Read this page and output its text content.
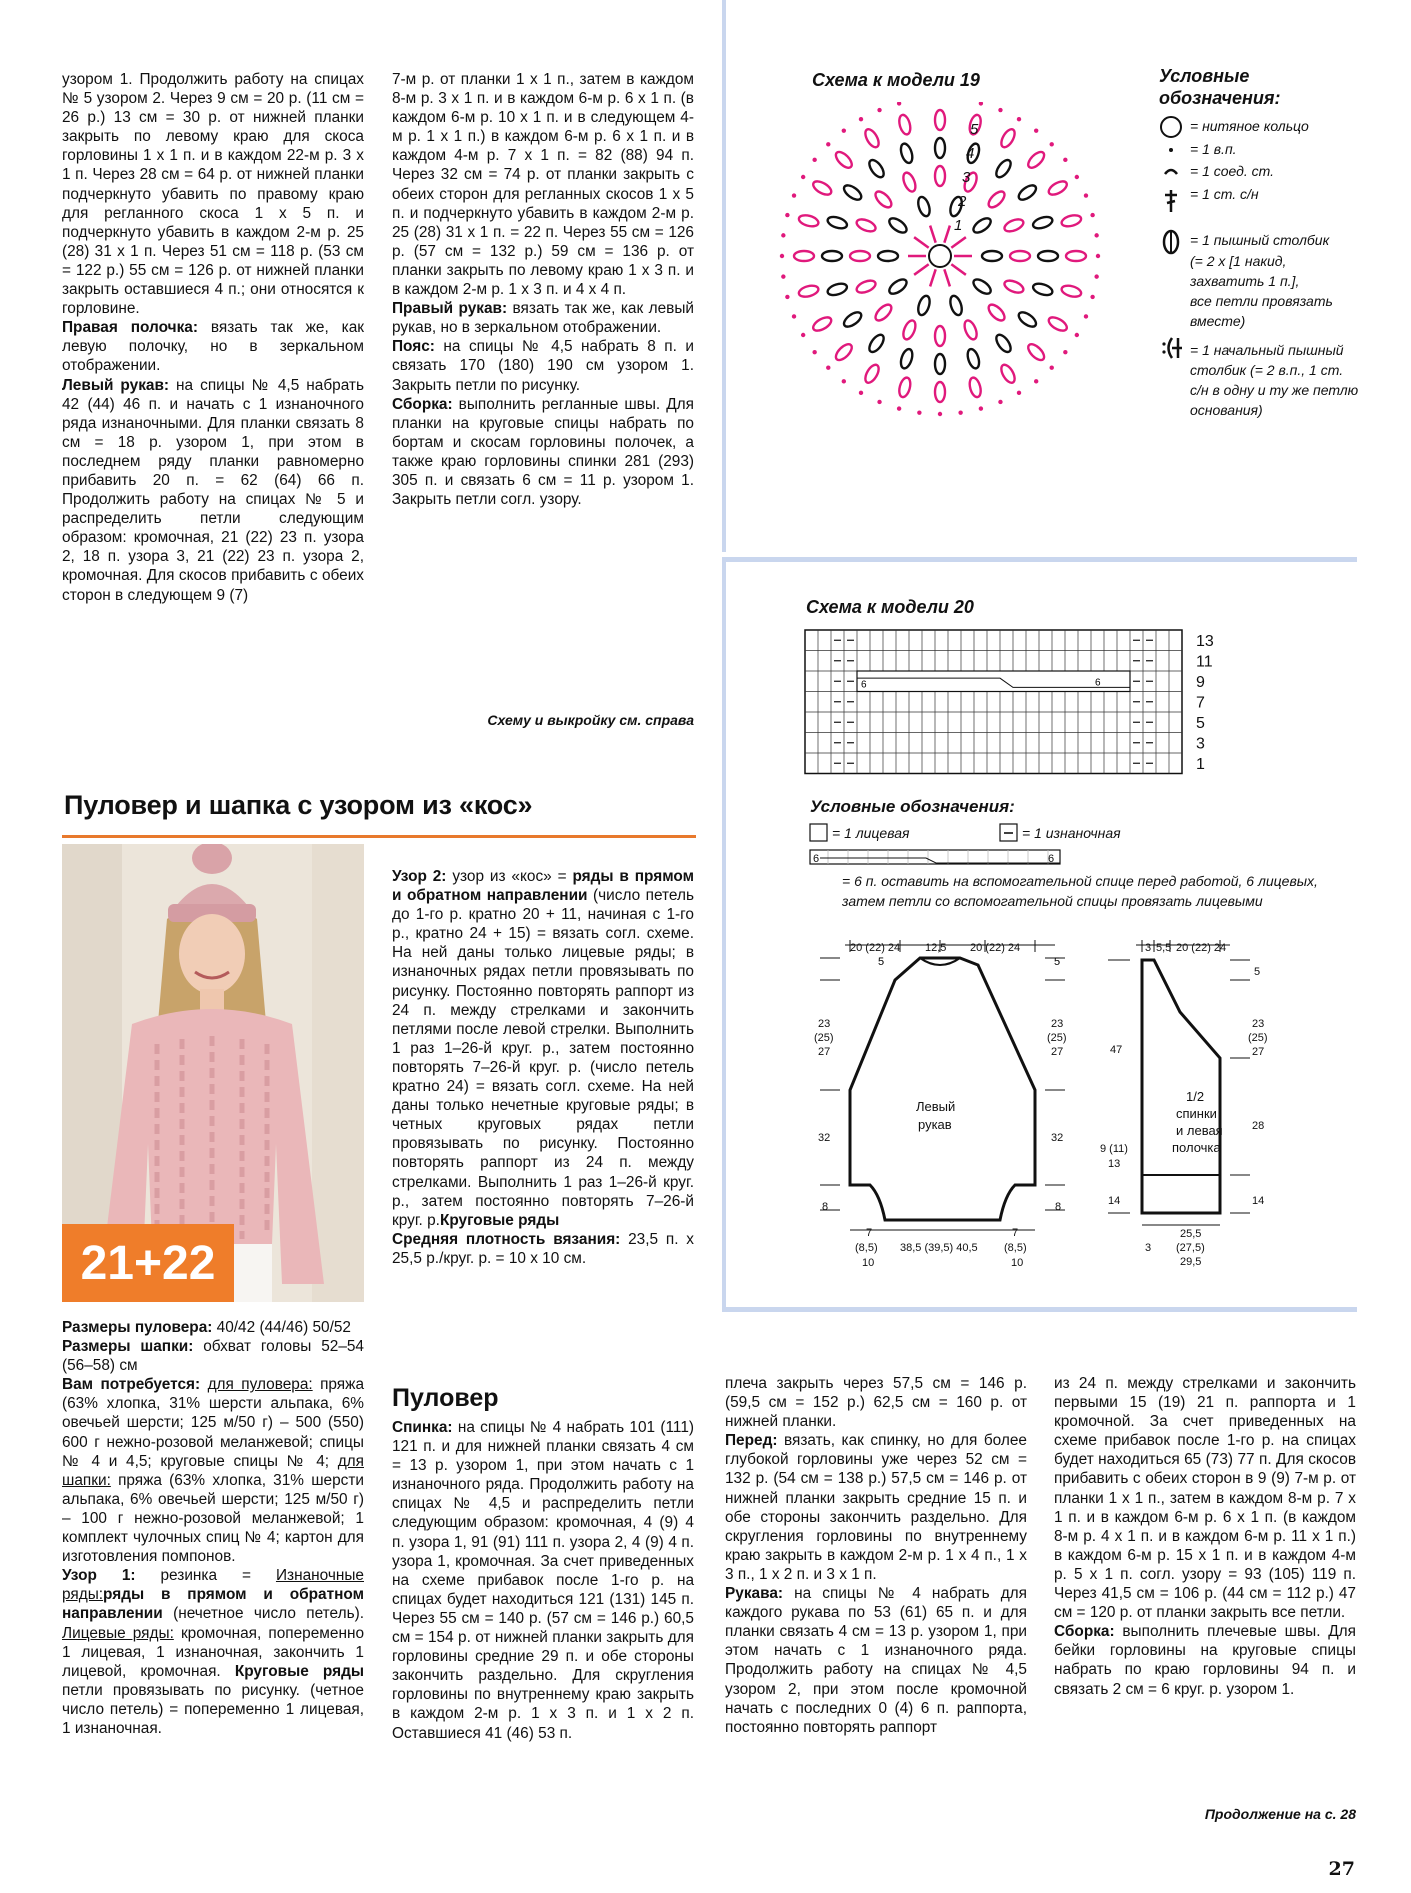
узором 1. Продолжить работу на спицах № 5 узором 2. Через 9 см = 20 р. (11 см = 26 р.) 13 см = 30 р. от нижней планки закрыть по левому краю для скоса горловины 1 х 1 п. и в каждом 22-м р. 3 х 1 п. Через 28 см = 64 р. от нижней планки подчеркнуто убавить по правому краю для регланного скоса 1 х 5 п. и подчеркнуто убавить в каждом 2-м р. 25 (28) 31 х 1 п. Через 51 см = 118 р. (53 см = 122 р.) 55 см = 126 р. от нижней планки закрыть оставшиеся 4 п.; они относятся к горловине.

Правая полочка: вязать так же, как левую полочку, но в зеркальном отображении.

Левый рукав: на спицы № 4,5 набрать 42 (44) 46 п. и начать с 1 изнаночного ряда изнаночными. Для планки связать 8 см = 18 р. узором 1, при этом в последнем ряду планки равномерно прибавить 20 п. = 62 (64) 66 п. Продолжить работу на спицах № 5 и распределить петли следующим образом: кромочная, 21 (22) 23 п. узора 2, 18 п. узора 3, 21 (22) 23 п. узора 2, кромочная. Для скосов прибавить с обеих сторон в следующем 9 (7)

7-м р. от планки 1 х 1 п., затем в каждом 8-м р. 3 х 1 п. и в каждом 6-м р. 6 х 1 п. (в каждом 6-м р. 10 х 1 п. и в следующем 4-м р. 1 х 1 п.) в каждом 6-м р. 6 х 1 п. и в каждом 4-м р. 7 х 1 п. = 82 (88) 94 п. Через 32 см = 74 р. от планки закрыть с обеих сторон для регланных скосов 1 х 5 п. и подчеркнуто убавить в каждом 2-м р. 25 (28) 31 х 1 п. = 22 п. Через 55 см = 126 р. (57 см = 132 р.) 59 см = 136 р. от планки закрыть по левому краю 1 х 3 п. и в каждом 2-м р. 1 х 3 п. и 4 х 4 п.

Правый рукав: вязать так же, как левый рукав, но в зеркальном отображении.

Пояс: на спицы № 4,5 набрать 8 п. и связать 170 (180) 190 см узором 1. Закрыть петли по рисунку.

Сборка: выполнить регланные швы. Для планки на круговые спицы набрать по бортам и скосам горловины полочек, а также краю горловины спинки 281 (293) 305 п. и связать 6 см = 11 р. узором 1. Закрыть петли согл. узору.

Схему и выкройку см. справа
Пуловер и шапка с узором из «кос»
21+22

Узор 2: узор из «кос» = ряды в прямом и обратном направлении (число петель до 1-го р. кратно 20 + 11, начиная с 1-го р., кратно 24 + 15) = вязать согл. схеме. На ней даны только лицевые ряды; в изнаночных рядах петли провязывать по рисунку. Постоянно повторять раппорт из 24 п. между стрелками и закончить петлями после левой стрелки. Выполнить 1 раз 1–26-й круг. р., затем постоянно повторять 7–26-й круг. р. (число петель кратно 24) = вязать согл. схеме. На ней даны только нечетные круговые ряды; в четных круговых рядах петли провязывать по рисунку. Постоянно повторять раппорт из 24 п. между стрелками. Выполнить 1 раз 1–26-й круг. р., затем постоянно повторять 7–26-й круг. р.Круговые ряды

Средняя плотность вязания: 23,5 п. х 25,5 р./круг. р. = 10 х 10 см.

Пуловер

Спинка: на спицы № 4 набрать 101 (111) 121 п. и для нижней планки связать 4 см = 13 р. узором 1, при этом начать с 1 изнаночного ряда. Продолжить работу на спицах № 4,5 и распределить петли следующим образом: кромочная, 4 (9) 4 п. узора 1, 91 (91) 111 п. узора 2, 4 (9) 4 п. узора 1, кромочная. За счет приведенных на схеме прибавок после 1-го р. на спицах будет находиться 121 (131) 145 п. Через 55 см = 140 р. (57 см = 146 р.) 60,5 см = 154 р. от нижней планки закрыть для горловины средние 29 п. и обе стороны закончить раздельно. Для скругления горловины по внутреннему краю закрыть в каждом 2-м р. 1 х 3 п. и 1 х 2 п. Оставшиеся 41 (46) 53 п.

Размеры пуловера: 40/42 (44/46) 50/52

Размеры шапки: обхват головы 52–54 (56–58) см

Вам потребуется: для пуловера: пряжа (63% хлопка, 31% шерсти альпака, 6% овечьей шерсти; 125 м/50 г) – 500 (550) 600 г нежно-розовой меланжевой; спицы № 4 и 4,5; круговые спицы № 4; для шапки: пряжа (63% хлопка, 31% шерсти альпака, 6% овечьей шерсти; 125 м/50 г) – 100 г нежно-розовой меланжевой; 1 комплект чулочных спиц № 4; картон для изготовления помпонов.

Узор 1: резинка = Изнаночные ряды:ряды в прямом и обратном направлении (нечетное число петель). Лицевые ряды: кромочная, попеременно 1 лицевая, 1 изнаночная, закончить 1 лицевой, кромочная. Круговые ряды петли провязывать по рисунку. (четное число петель) = попеременно 1 лицевая, 1 изнаночная.

плеча закрыть через 57,5 см = 146 р. (59,5 см = 152 р.) 62,5 см = 160 р. от нижней планки.

Перед: вязать, как спинку, но для более глубокой горловины уже через 52 см = 132 р. (54 см = 138 р.) 57,5 см = 146 р. от нижней планки закрыть средние 15 п. и обе стороны закончить раздельно. Для скругления горловины по внутреннему краю закрыть в каждом 2-м р. 1 х 4 п., 1 х 3 п., 1 х 2 п. и 3 х 1 п.

Рукава: на спицы № 4 набрать для каждого рукава по 53 (61) 65 п. и для планки связать 4 см = 13 р. узором 1, при этом начать с 1 изнаночного ряда. Продолжить работу на спицах № 4,5 узором 2, при этом после кромочной начать с последних 0 (4) 6 п. раппорта, постоянно повторять раппорт

из 24 п. между стрелками и закончить первыми 15 (19) 21 п. раппорта и 1 кромочной. За счет приведенных на схеме прибавок после 1-го р. на спицах будет находиться 65 (73) 77 п. Для скосов прибавить с обеих сторон в 9 (9) 7-м р. от планки 1 х 1 п., затем в каждом 8-м р. 7 х 1 п. и в каждом 6-м р. 6 х 1 п. (в каждом 8-м р. 4 х 1 п. и в каждом 6-м р. 11 х 1 п.) в каждом 6-м р. 15 х 1 п. и в каждом 4-м р. 5 х 1 п. согл. узору = 93 (105) 119 п. Через 41,5 см = 106 р. (44 см = 112 р.) 47 см = 120 р. от планки закрыть все петли.

Сборка: выполнить плечевые швы. Для бейки горловины на круговые спицы набрать по краю горловины 94 п. и связать 2 см = 6 круг. р. узором 1.

Продолжение на с. 28
Схема к модели 19
1
2
3
4
5
Условные
обозначения:
= нитяное кольцо
= 1 в.п.
= 1 соед. ст.
= 1 ст. с/н
= 1 пышный столбик
(= 2 х [1 накид,
захватить 1 п.],
все петли провязать
вместе)
= 1 начальный пышный
столбик (= 2 в.п., 1 ст.
с/н в одну и ту же петлю
основания)
Схема к модели 20
6	6
13
11
9
7
5
3
1
Условные обозначения:
= 1 лицевая	= 1 изнаночная
6	6
= 6 п. оставить на вспомогательной спице перед работой, 6 лицевых,
затем петли со вспомогательной спицы провязать лицевыми
5	5
20 (22) 24 12,5 20 (22) 24
Левый
рукав
23
(25)
27
32
8
23
(25)
27
32
8
7
(8,5)
10
38,5 (39,5) 40,5
7
(8,5)
10
3 5,5 20 (22) 24
47
9 (11)
13
14
1/2
спинки
и левая
полочка
5
23
(25)
27
28
14
3
25,5
(27,5)
29,5
27
